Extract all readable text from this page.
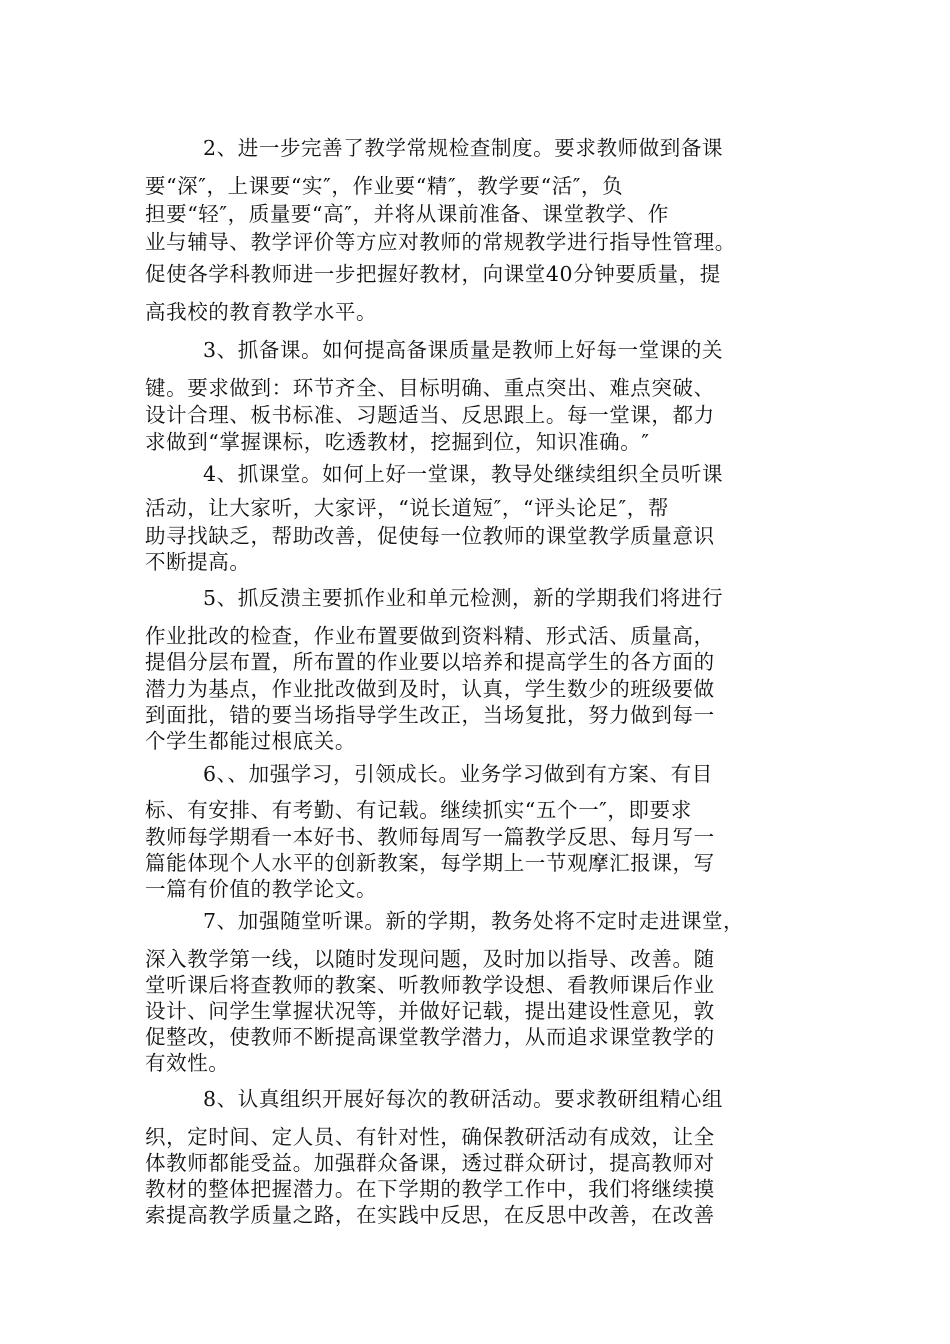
2、进一步完善了教学常规检查制度。要求教师做到备课
要“深″，上课要“实″，作业要“精″，教学要“活″，负
担要“轻″，质量要“高″，并将从课前准备、课堂教学、作
业与辅导、教学评价等方应对教师的常规教学进行指导性管理。
促使各学科教师进一步把握好教材，向课堂40分钟要质量，提
高我校的教育教学水平。
3、抓备课。如何提高备课质量是教师上好每一堂课的关
键。要求做到：环节齐全、目标明确、重点突出、难点突破、
设计合理、板书标准、习题适当、反思跟上。每一堂课，都力
求做到“掌握课标，吃透教材，挖掘到位，知识准确。″
4、抓课堂。如何上好一堂课，教导处继续组织全员听课
活动，让大家听，大家评，“说长道短″，“评头论足″，帮
助寻找缺乏，帮助改善，促使每一位教师的课堂教学质量意识
不断提高。
5、抓反溃主要抓作业和单元检测，新的学期我们将进行
作业批改的检查，作业布置要做到资料精、形式活、质量高，
提倡分层布置，所布置的作业要以培养和提高学生的各方面的
潜力为基点，作业批改做到及时，认真，学生数少的班级要做
到面批，错的要当场指导学生改正，当场复批，努力做到每一
个学生都能过根底关。
6、、加强学习，引领成长。业务学习做到有方案、有目
标、有安排、有考勤、有记载。继续抓实“五个一″，即要求
教师每学期看一本好书、教师每周写一篇教学反思、每月写一
篇能体现个人水平的创新教案，每学期上一节观摩汇报课，写
一篇有价值的教学论文。
7、加强随堂听课。新的学期，教务处将不定时走进课堂，
深入教学第一线，以随时发现问题，及时加以指导、改善。随
堂听课后将查教师的教案、听教师教学设想、看教师课后作业
设计、问学生掌握状况等，并做好记载，提出建设性意见，敦
促整改，使教师不断提高课堂教学潜力，从而追求课堂教学的
有效性。
8、认真组织开展好每次的教研活动。要求教研组精心组
织，定时间、定人员、有针对性，确保教研活动有成效，让全
体教师都能受益。加强群众备课，透过群众研讨，提高教师对
教材的整体把握潜力。在下学期的教学工作中，我们将继续摸
索提高教学质量之路，在实践中反思，在反思中改善，在改善
